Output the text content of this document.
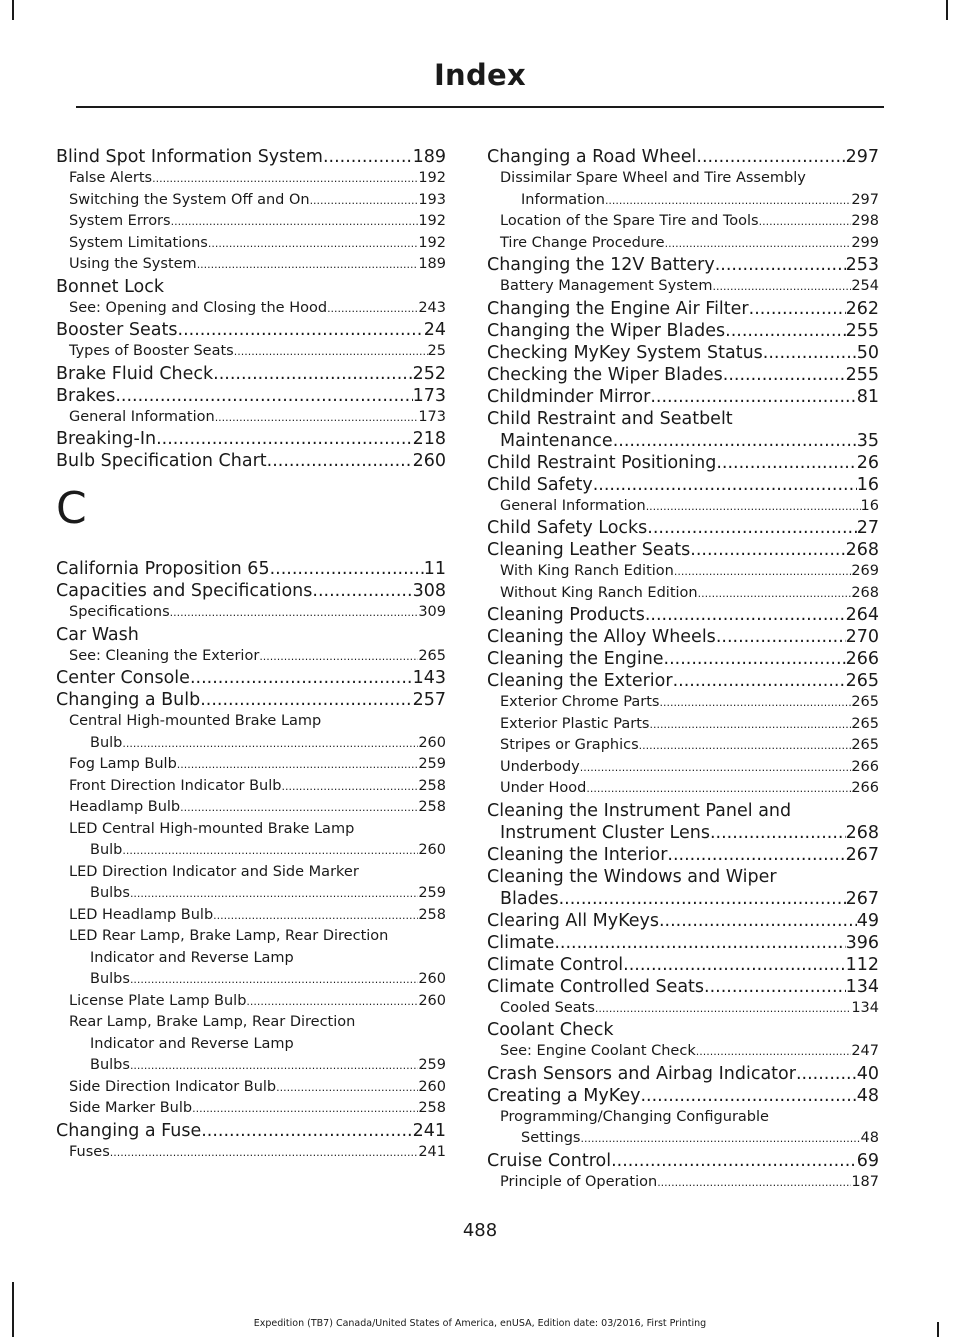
Index
Blind Spot Information System .....	189
False Alerts .....	192
Switching the System Off and On .....	193
System Errors .....	192
System Limitations .....	192
Using the System .....	189
Bonnet Lock
See: Opening and Closing the Hood .....	243
Booster Seats .....	24
Types of Booster Seats .....	25
Brake Fluid Check .....	252
Brakes .....	173
General Information .....	173
Breaking-In .....	218
Bulb Specification Chart .....	260
C
California Proposition 65 .....	11
Capacities and Specifications .....	308
Specifications .....	309
Car Wash
See: Cleaning the Exterior .....	265
Center Console .....	143
Changing a Bulb .....	257
Central High-mounted Brake Lamp
Bulb .....	260
Fog Lamp Bulb .....	259
Front Direction Indicator Bulb .....	258
Headlamp Bulb .....	258
LED Central High-mounted Brake Lamp
Bulb .....	260
LED Direction Indicator and Side Marker
Bulbs .....	259
LED Headlamp Bulb .....	258
LED Rear Lamp, Brake Lamp, Rear Direction
Indicator and Reverse Lamp
Bulbs .....	260
License Plate Lamp Bulb .....	260
Rear Lamp, Brake Lamp, Rear Direction
Indicator and Reverse Lamp
Bulbs .....	259
Side Direction Indicator Bulb .....	260
Side Marker Bulb .....	258
Changing a Fuse .....	241
Fuses .....	241
Changing a Road Wheel .....	297
Dissimilar Spare Wheel and Tire Assembly
Information .....	297
Location of the Spare Tire and Tools .....	298
Tire Change Procedure .....	299
Changing the 12V Battery .....	253
Battery Management System .....	254
Changing the Engine Air Filter .....	262
Changing the Wiper Blades .....	255
Checking MyKey System Status .....	50
Checking the Wiper Blades .....	255
Childminder Mirror .....	81
Child Restraint and Seatbelt
Maintenance .....	35
Child Restraint Positioning .....	26
Child Safety .....	16
General Information .....	16
Child Safety Locks .....	27
Cleaning Leather Seats .....	268
With King Ranch Edition .....	269
Without King Ranch Edition .....	268
Cleaning Products .....	264
Cleaning the Alloy Wheels .....	270
Cleaning the Engine .....	266
Cleaning the Exterior .....	265
Exterior Chrome Parts .....	265
Exterior Plastic Parts .....	265
Stripes or Graphics .....	265
Underbody .....	266
Under Hood .....	266
Cleaning the Instrument Panel and
Instrument Cluster Lens .....	268
Cleaning the Interior .....	267
Cleaning the Windows and Wiper
Blades .....	267
Clearing All MyKeys .....	49
Climate .....	396
Climate Control .....	112
Climate Controlled Seats .....	134
Cooled Seats .....	134
Coolant Check
See: Engine Coolant Check .....	247
Crash Sensors and Airbag Indicator .....	40
Creating a MyKey .....	48
Programming/Changing Configurable
Settings .....	48
Cruise Control .....	69
Principle of Operation .....	187
488
Expedition (TB7) Canada/United States of America, enUSA, Edition date: 03/2016, First Printing
